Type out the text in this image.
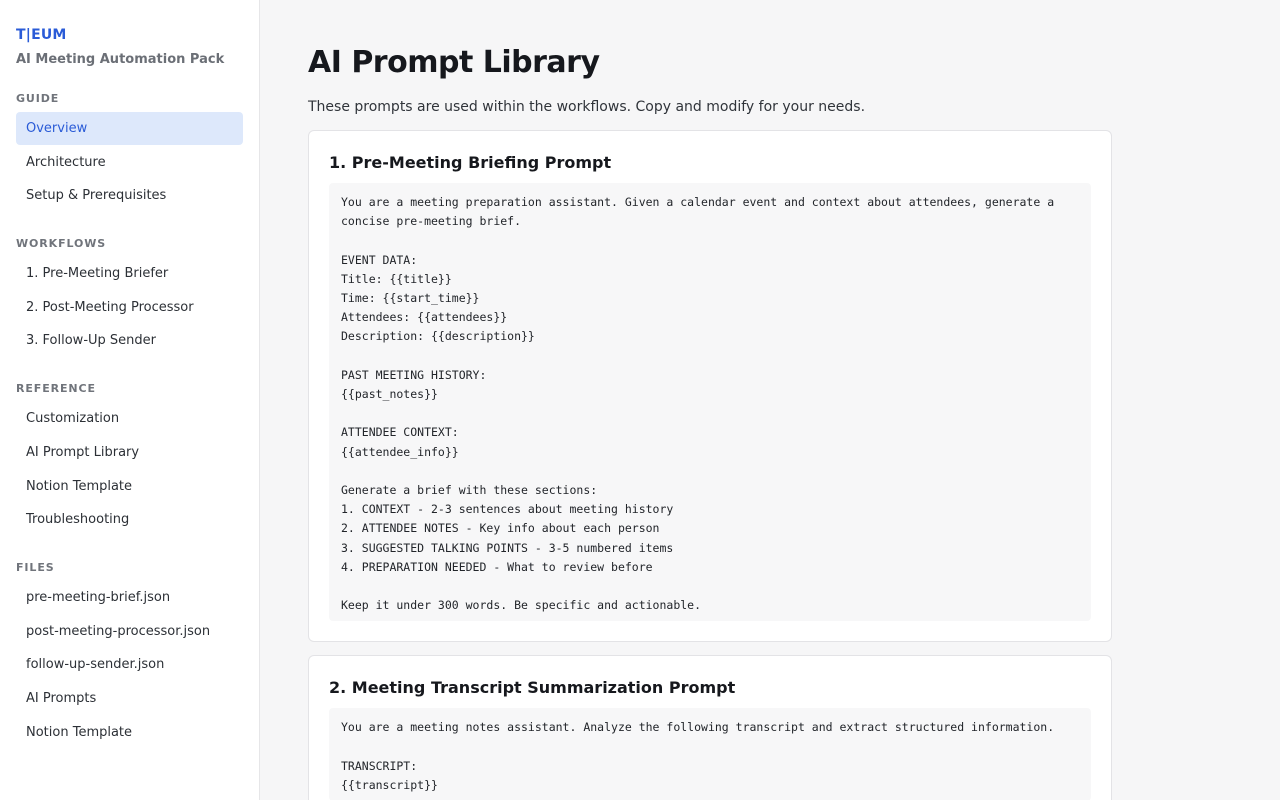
T|EUM
AI Meeting Automation Pack
GUIDE
Overview
Architecture
Setup & Prerequisites
WORKFLOWS
1. Pre-Meeting Briefer
2. Post-Meeting Processor
3. Follow-Up Sender
REFERENCE
Customization
AI Prompt Library
Notion Template
Troubleshooting
FILES
pre-meeting-brief.json
post-meeting-processor.json
follow-up-sender.json
AI Prompts
Notion Template
AI Prompt Library

These prompts are used within the workflows. Copy and modify for your needs.

1. Pre-Meeting Briefing Prompt
You are a meeting preparation assistant. Given a calendar event and context about attendees, generate a concise pre-meeting brief.

EVENT DATA:
Title: {{title}}
Time: {{start_time}}
Attendees: {{attendees}}
Description: {{description}}

PAST MEETING HISTORY:
{{past_notes}}

ATTENDEE CONTEXT:
{{attendee_info}}

Generate a brief with these sections:
1. CONTEXT - 2-3 sentences about meeting history
2. ATTENDEE NOTES - Key info about each person
3. SUGGESTED TALKING POINTS - 3-5 numbered items
4. PREPARATION NEEDED - What to review before

Keep it under 300 words. Be specific and actionable.
2. Meeting Transcript Summarization Prompt
You are a meeting notes assistant. Analyze the following transcript and extract structured information.

TRANSCRIPT:
{{transcript}}
